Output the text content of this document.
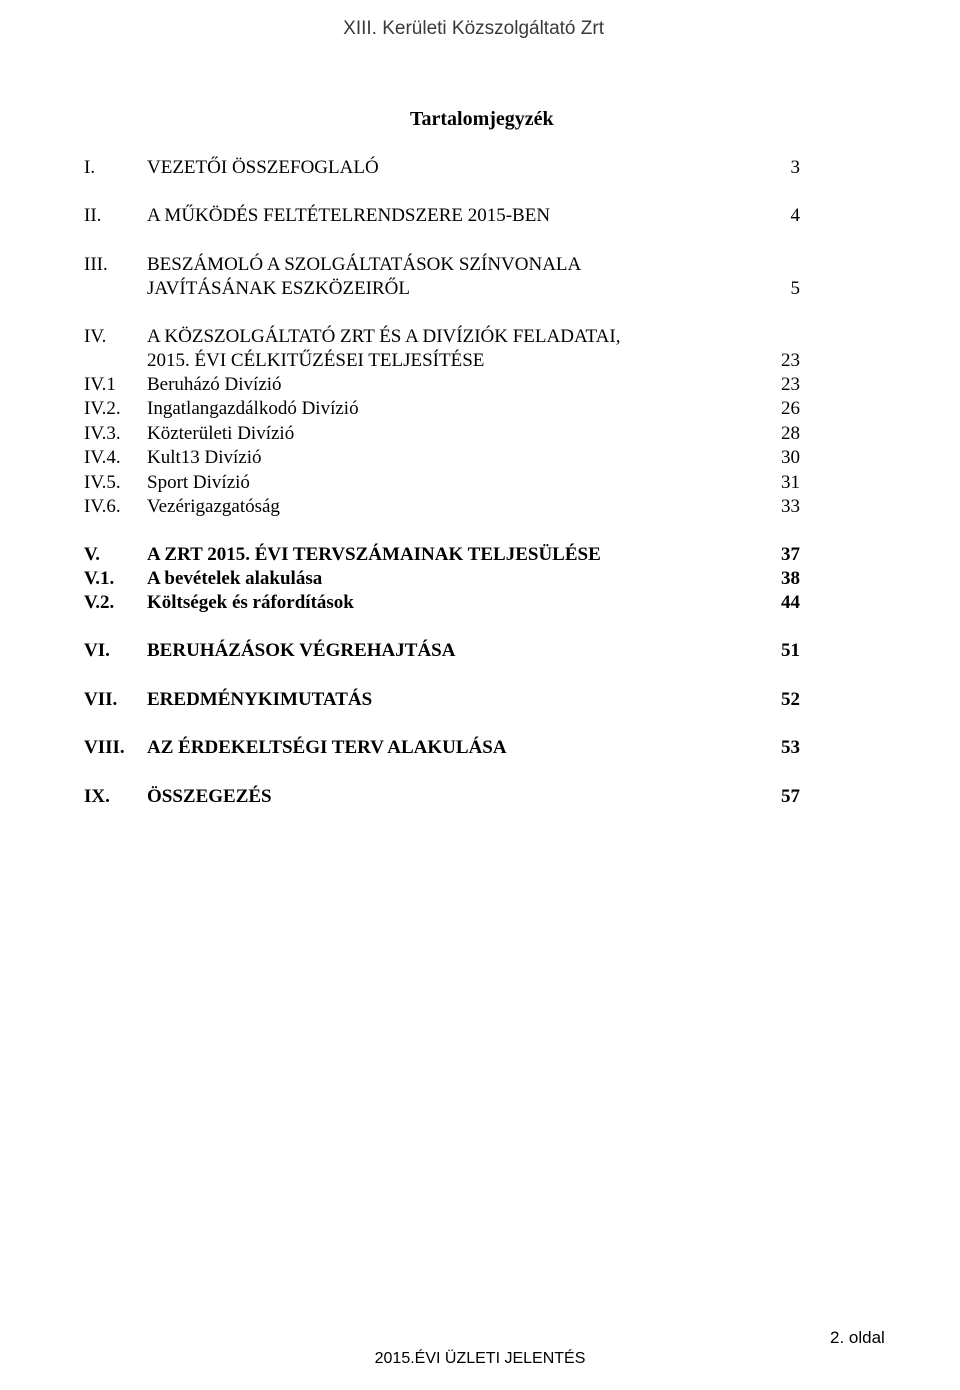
XIII. Kerületi Közszolgáltató Zrt
Tartalomjegyzék
I.	VEZETŐI ÖSSZEFOGLALÓ	3
II. A MŰKÖDÉS FELTÉTELRENDSZERE 2015-BEN	4
III. BESZÁMOLÓ A SZOLGÁLTATÁSOK SZÍNVONALA
JAVÍTÁSÁNAK ESZKÖZEIRŐL	5
IV. A KÖZSZOLGÁLTATÓ ZRT ÉS A DIVÍZIÓK FELADATAI,
2015. ÉVI CÉLKITŰZÉSEI TELJESÍTÉSE	23
IV.1 Beruházó Divízió	23
IV.2. Ingatlangazdálkodó Divízió	26
IV.3. Közterületi Divízió	28
IV.4. Kult13 Divízió	30
IV.5. Sport Divízió	31
IV.6. Vezérigazgatóság	33
V. A ZRT 2015. ÉVI TERVSZÁMAINAK TELJESÜLÉSE	37
V.1. A bevételek alakulása	38
V.2. Költségek és ráfordítások	44
VI. BERUHÁZÁSOK VÉGREHAJTÁSA	51
VII. EREDMÉNYKIMUTATÁS	52
VIII. AZ ÉRDEKELTSÉGI TERV ALAKULÁSA	53
IX. ÖSSZEGEZÉS	57
2. oldal
2015.ÉVI ÜZLETI JELENTÉS
